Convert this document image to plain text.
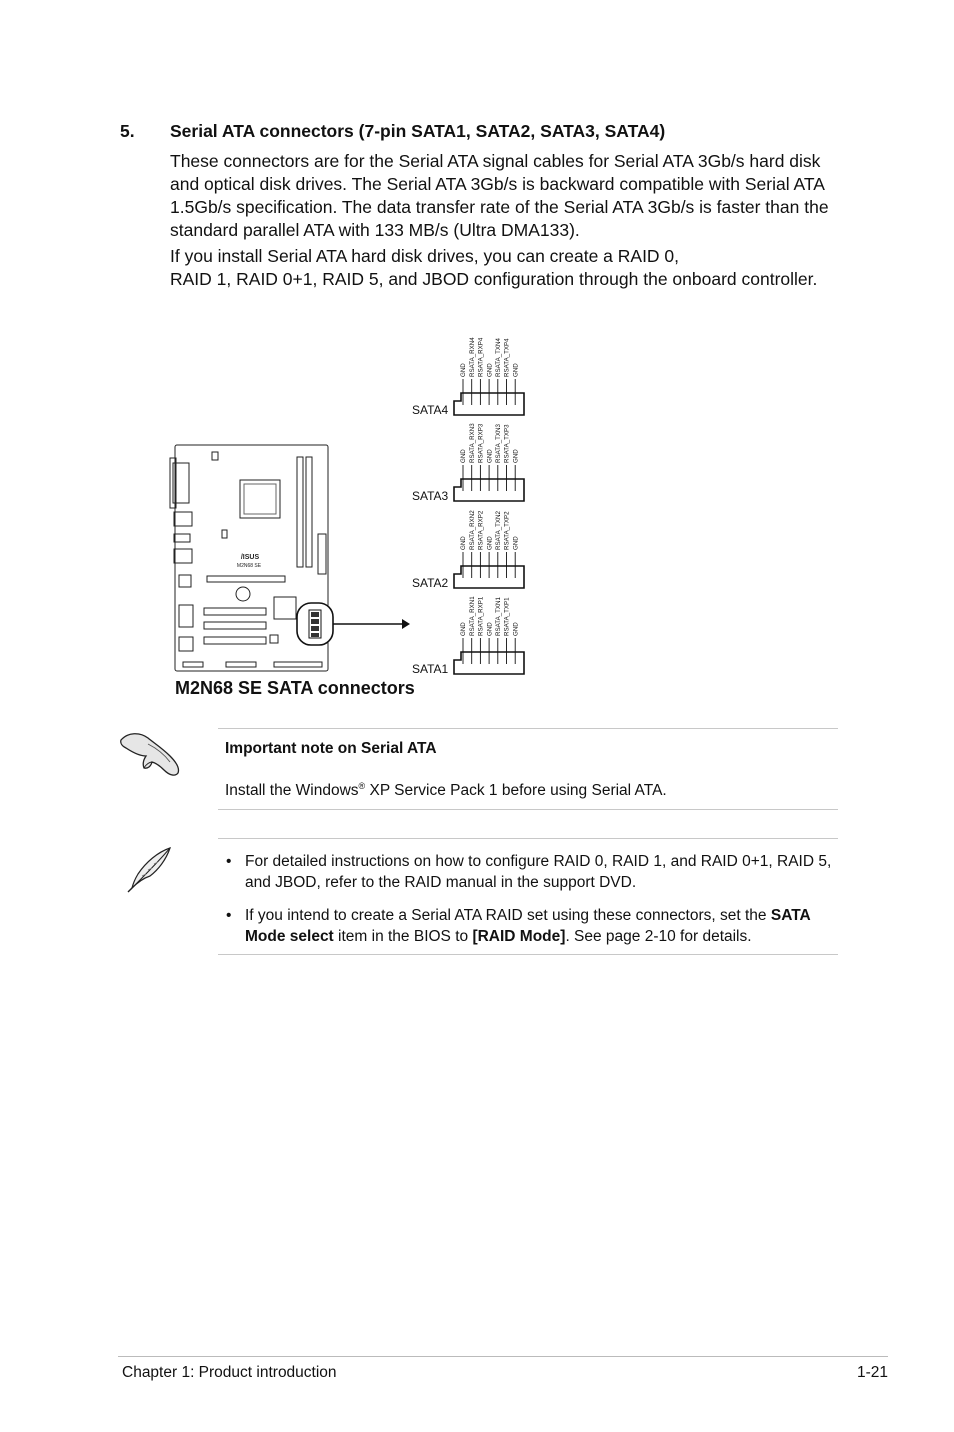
5. Serial ATA connectors (7-pin SATA1, SATA2, SATA3, SATA4)
These connectors are for the Serial ATA signal cables for Serial ATA 3Gb/s hard disk and optical disk drives. The Serial ATA 3Gb/s is backward compatible with Serial ATA 1.5Gb/s specification. The data transfer rate of the Serial ATA 3Gb/s is faster than the standard parallel ATA with 133 MB/s (Ultra DMA133).
If you install Serial ATA hard disk drives, you can create a RAID 0,
RAID 1, RAID 0+1, RAID 5, and JBOD configuration through the onboard controller.
/ISUS
M2N68 SE
SATA4
GND RSATA_RXN4 RSATA_RXP4 GND RSATA_TXN4 RSATA_TXP4 GND
SATA3
GND RSATA_RXN3 RSATA_RXP3 GND RSATA_TXN3 RSATA_TXP3 GND
SATA2
GND RSATA_RXN2 RSATA_RXP2 GND RSATA_TXN2 RSATA_TXP2 GND
SATA1
GND RSATA_RXN1 RSATA_RXP1 GND RSATA_TXN1 RSATA_TXP1 GND
M2N68 SE SATA connectors
Important note on Serial ATA
Install the Windows® XP Service Pack 1 before using Serial ATA.
• For detailed instructions on how to configure RAID 0, RAID 1, and RAID 0+1, RAID 5, and JBOD, refer to the RAID manual in the support DVD.
• If you intend to create a Serial ATA RAID set using these connectors, set the SATA Mode select item in the BIOS to [RAID Mode]. See page 2-10 for details.
Chapter 1: Product introduction	1-21
